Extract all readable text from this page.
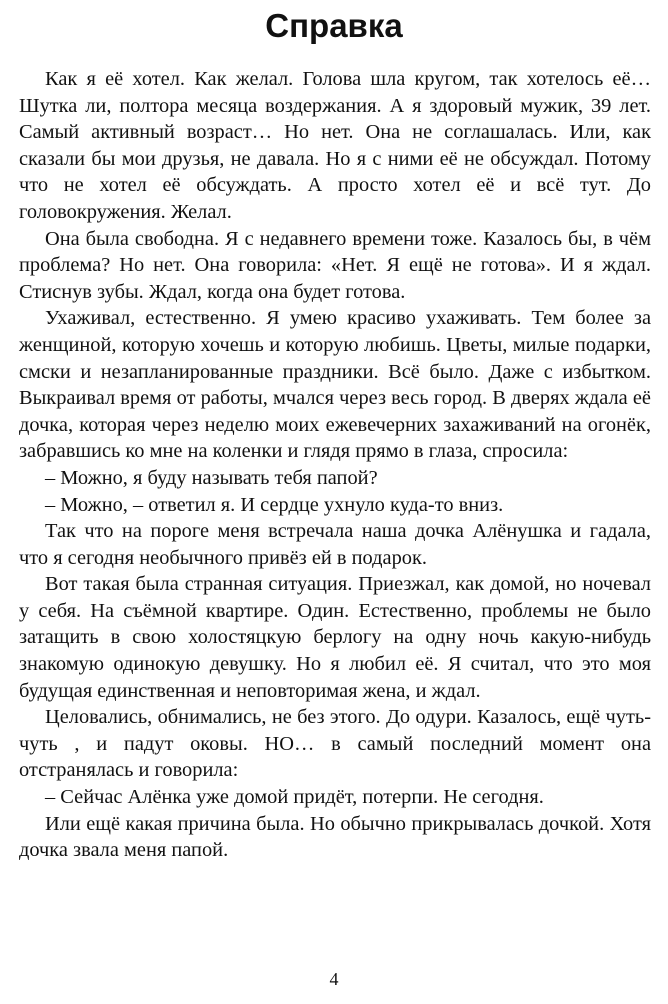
Справка

Как я её хотел. Как желал. Голова шла кругом, так хотелось её… Шутка ли, полтора месяца воздержания. А я здоровый мужик, 39 лет. Самый активный возраст… Но нет. Она не соглашалась. Или, как сказали бы мои друзья, не давала. Но я с ними её не обсуждал. Потому что не хотел её обсуждать. А просто хотел её и всё тут. До головокружения. Желал.

Она была свободна. Я с недавнего времени тоже. Казалось бы, в чём проблема? Но нет. Она говорила: «Нет. Я ещё не готова». И я ждал. Стиснув зубы. Ждал, когда она будет готова.

Ухаживал, естественно. Я умею красиво ухаживать. Тем более за женщиной, которую хочешь и которую любишь. Цветы, милые подарки, смски и незапланированные праздники. Всё было. Даже с избытком. Выкраивал время от работы, мчался через весь город. В дверях ждала её дочка, которая через неделю моих ежевечерних захаживаний на огонёк, забравшись ко мне на коленки и глядя прямо в глаза, спросила:

– Можно, я буду называть тебя папой?

– Можно, – ответил я. И сердце ухнуло куда-то вниз.

Так что на пороге меня встречала наша дочка Алёнушка и гадала, что я сегодня необычного привёз ей в подарок.

Вот такая была странная ситуация. Приезжал, как домой, но ночевал у себя. На съёмной квартире. Один. Естественно, проблемы не было затащить в свою холостяцкую берлогу на одну ночь какую-нибудь знакомую одинокую девушку. Но я любил её. Я считал, что это моя будущая единственная и неповторимая жена, и ждал.

Целовались, обнимались, не без этого. До одури. Казалось, ещё чуть-чуть , и падут оковы. НО… в самый последний момент она отстранялась и говорила:

– Сейчас Алёнка уже домой придёт, потерпи. Не сегодня.

Или ещё какая причина была. Но обычно прикрывалась дочкой. Хотя дочка звала меня папой.

4
